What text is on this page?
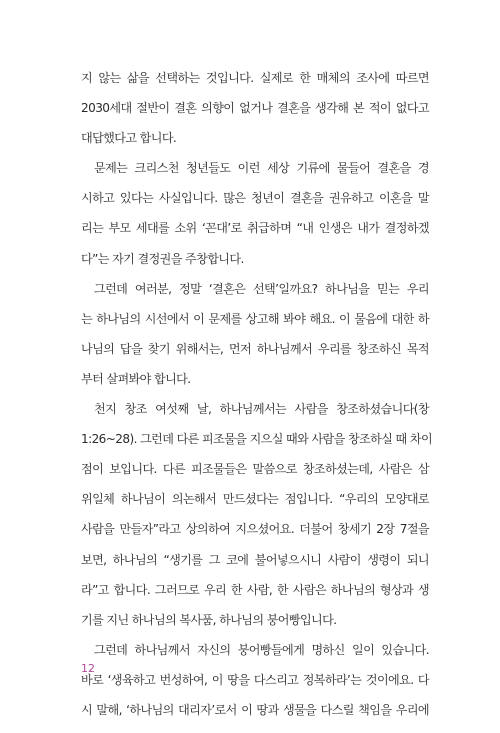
지 않는 삶을 선택하는 것입니다. 실제로 한 매체의 조사에 따르면
2030세대 절반이 결혼 의향이 없거나 결혼을 생각해 본 적이 없다고
대답했다고 합니다.
문제는 크리스천 청년들도 이런 세상 기류에 물들어 결혼을 경
시하고 있다는 사실입니다. 많은 청년이 결혼을 권유하고 이혼을 말
리는 부모 세대를 소위 ‘꼰대’로 취급하며 “내 인생은 내가 결정하겠
다”는 자기 결정권을 주창합니다.
그런데 여러분, 정말 ‘결혼은 선택’일까요? 하나님을 믿는 우리
는 하나님의 시선에서 이 문제를 상고해 봐야 해요. 이 물음에 대한 하
나님의 답을 찾기 위해서는, 먼저 하나님께서 우리를 창조하신 목적
부터 살펴봐야 합니다.
천지 창조 여섯째 날, 하나님께서는 사람을 창조하셨습니다(창
1:26~28). 그런데 다른 피조물을 지으실 때와 사람을 창조하실 때 차이
점이 보입니다. 다른 피조물들은 말씀으로 창조하셨는데, 사람은 삼
위일체 하나님이 의논해서 만드셨다는 점입니다. “우리의 모양대로
사람을 만들자”라고 상의하여 지으셨어요. 더불어 창세기 2장 7절을
보면, 하나님의 “생기를 그 코에 불어넣으시니 사람이 생령이 되니
라”고 합니다. 그러므로 우리 한 사람, 한 사람은 하나님의 형상과 생
기를 지닌 하나님의 복사품, 하나님의 붕어빵입니다.
그런데 하나님께서 자신의 붕어빵들에게 명하신 일이 있습니다.
바로 ‘생육하고 번성하여, 이 땅을 다스리고 정복하라’는 것이에요. 다
시 말해, ‘하나님의 대리자’로서 이 땅과 생물을 다스릴 책임을 우리에
12
